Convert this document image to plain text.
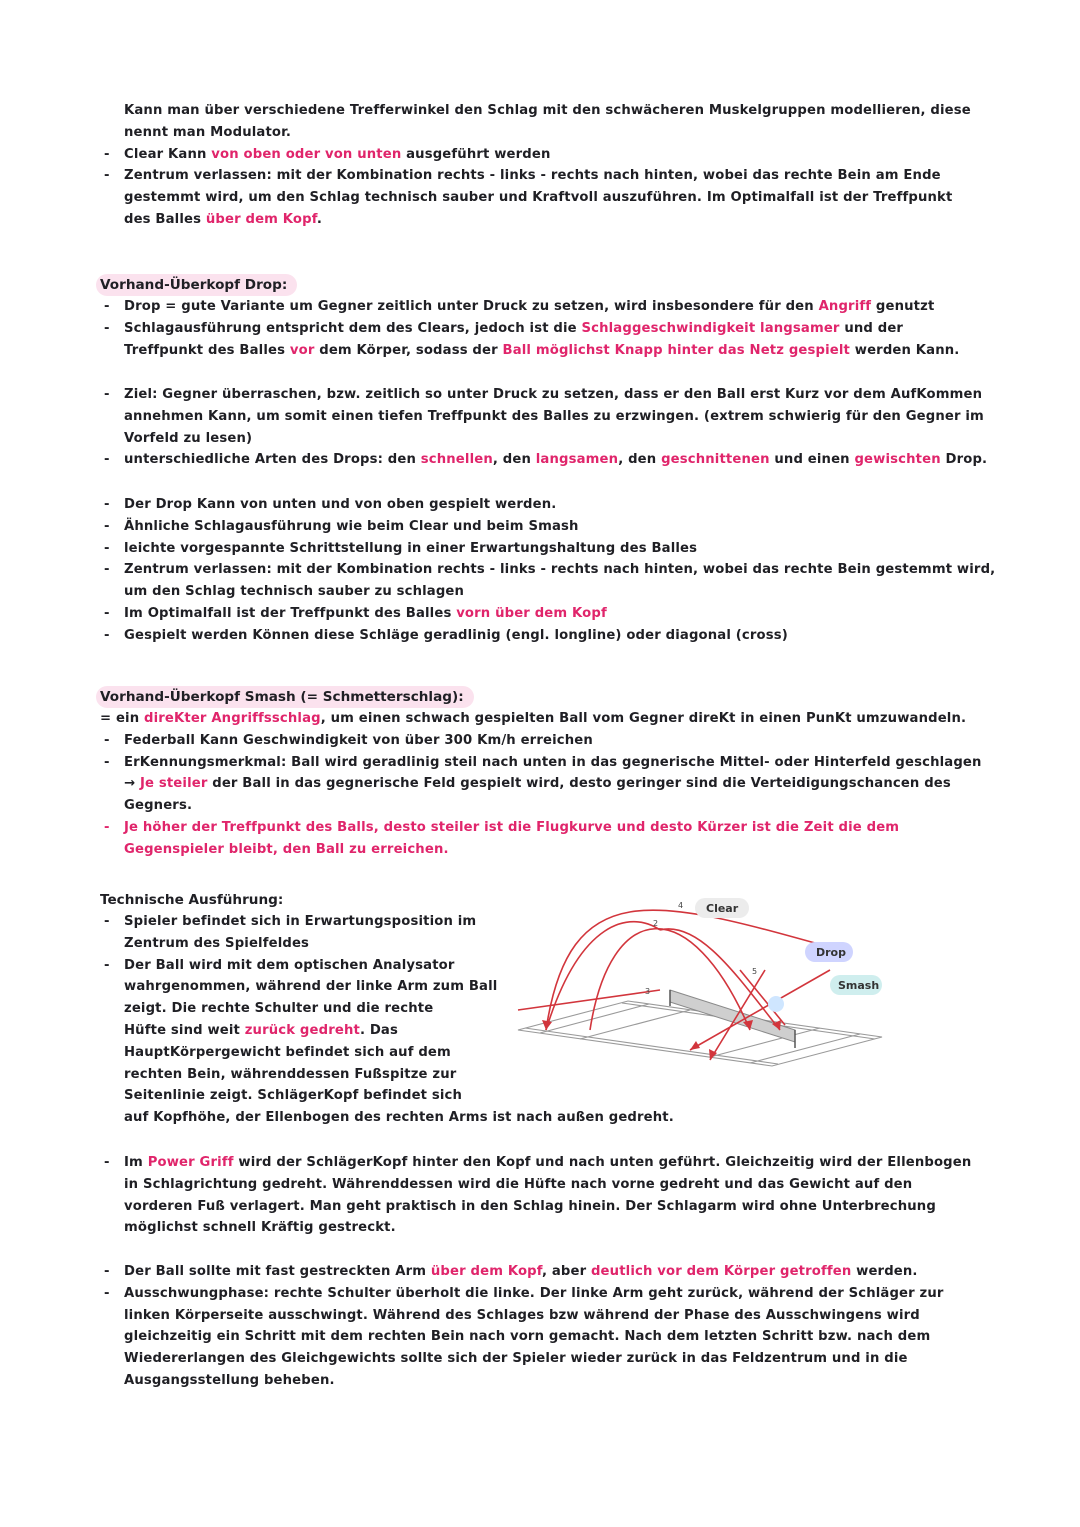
Kann man über verschiedene Trefferwinkel den Schlag mit den schwächeren Muskelgruppen modellieren, diese
nennt man Modulator.
- Clear Kann von oben oder von unten ausgeführt werden
- Zentrum verlassen: mit der Kombination rechts - links - rechts nach hinten, wobei das rechte Bein am Ende
gestemmt wird, um den Schlag technisch sauber und Kraftvoll auszuführen. Im Optimalfall ist der Treffpunkt
des Balles über dem Kopf.
Vorhand-Überkopf Drop:
- Drop = gute Variante um Gegner zeitlich unter Druck zu setzen, wird insbesondere für den Angriff genutzt
- Schlagausführung entspricht dem des Clears, jedoch ist die Schlaggeschwindigkeit langsamer und der
Treffpunkt des Balles vor dem Körper, sodass der Ball möglichst Knapp hinter das Netz gespielt werden Kann.
- Ziel: Gegner überraschen, bzw. zeitlich so unter Druck zu setzen, dass er den Ball erst Kurz vor dem AufKommen
annehmen Kann, um somit einen tiefen Treffpunkt des Balles zu erzwingen. (extrem schwierig für den Gegner im
Vorfeld zu lesen)
- unterschiedliche Arten des Drops: den schnellen, den langsamen, den geschnittenen und einen gewischten Drop.
- Der Drop Kann von unten und von oben gespielt werden.
- Ähnliche Schlagausführung wie beim Clear und beim Smash
- leichte vorgespannte Schrittstellung in einer Erwartungshaltung des Balles
- Zentrum verlassen: mit der Kombination rechts - links - rechts nach hinten, wobei das rechte Bein gestemmt wird,
um den Schlag technisch sauber zu schlagen
- Im Optimalfall ist der Treffpunkt des Balles vorn über dem Kopf
- Gespielt werden Können diese Schläge geradlinig (engl. longline) oder diagonal (cross)
Vorhand-Überkopf Smash (= Schmetterschlag):
= ein direKter Angriffsschlag, um einen schwach gespielten Ball vom Gegner direKt in einen PunKt umzuwandeln.
- Federball Kann Geschwindigkeit von über 300 Km/h erreichen
- ErKennungsmerkmal: Ball wird geradlinig steil nach unten in das gegnerische Mittel- oder Hinterfeld geschlagen
→ Je steiler der Ball in das gegnerische Feld gespielt wird, desto geringer sind die Verteidigungschancen des
Gegners.
- Je höher der Treffpunkt des Balls, desto steiler ist die Flugkurve und desto Kürzer ist die Zeit die dem
Gegenspieler bleibt, den Ball zu erreichen.
Technische Ausführung:
- Spieler befindet sich in Erwartungsposition im
Zentrum des Spielfeldes
- Der Ball wird mit dem optischen Analysator
wahrgenommen, während der linke Arm zum Ball
zeigt. Die rechte Schulter und die rechte
Hüfte sind weit zurück gedreht. Das
HauptKörpergewicht befindet sich auf dem
rechten Bein, währenddessen Fußspitze zur
Seitenlinie zeigt. SchlägerKopf befindet sich
auf Kopfhöhe, der Ellenbogen des rechten Arms ist nach außen gedreht.
2
3
4
5
Clear
Drop
Smash
- Im Power Griff wird der SchlägerKopf hinter den Kopf und nach unten geführt. Gleichzeitig wird der Ellenbogen
in Schlagrichtung gedreht. Währenddessen wird die Hüfte nach vorne gedreht und das Gewicht auf den
vorderen Fuß verlagert. Man geht praktisch in den Schlag hinein. Der Schlagarm wird ohne Unterbrechung
möglichst schnell Kräftig gestreckt.
- Der Ball sollte mit fast gestreckten Arm über dem Kopf, aber deutlich vor dem Körper getroffen werden.
- Ausschwungphase: rechte Schulter überholt die linke. Der linke Arm geht zurück, während der Schläger zur
linken Körperseite ausschwingt. Während des Schlages bzw während der Phase des Ausschwingens wird
gleichzeitig ein Schritt mit dem rechten Bein nach vorn gemacht. Nach dem letzten Schritt bzw. nach dem
Wiedererlangen des Gleichgewichts sollte sich der Spieler wieder zurück in das Feldzentrum und in die
Ausgangsstellung beheben.
